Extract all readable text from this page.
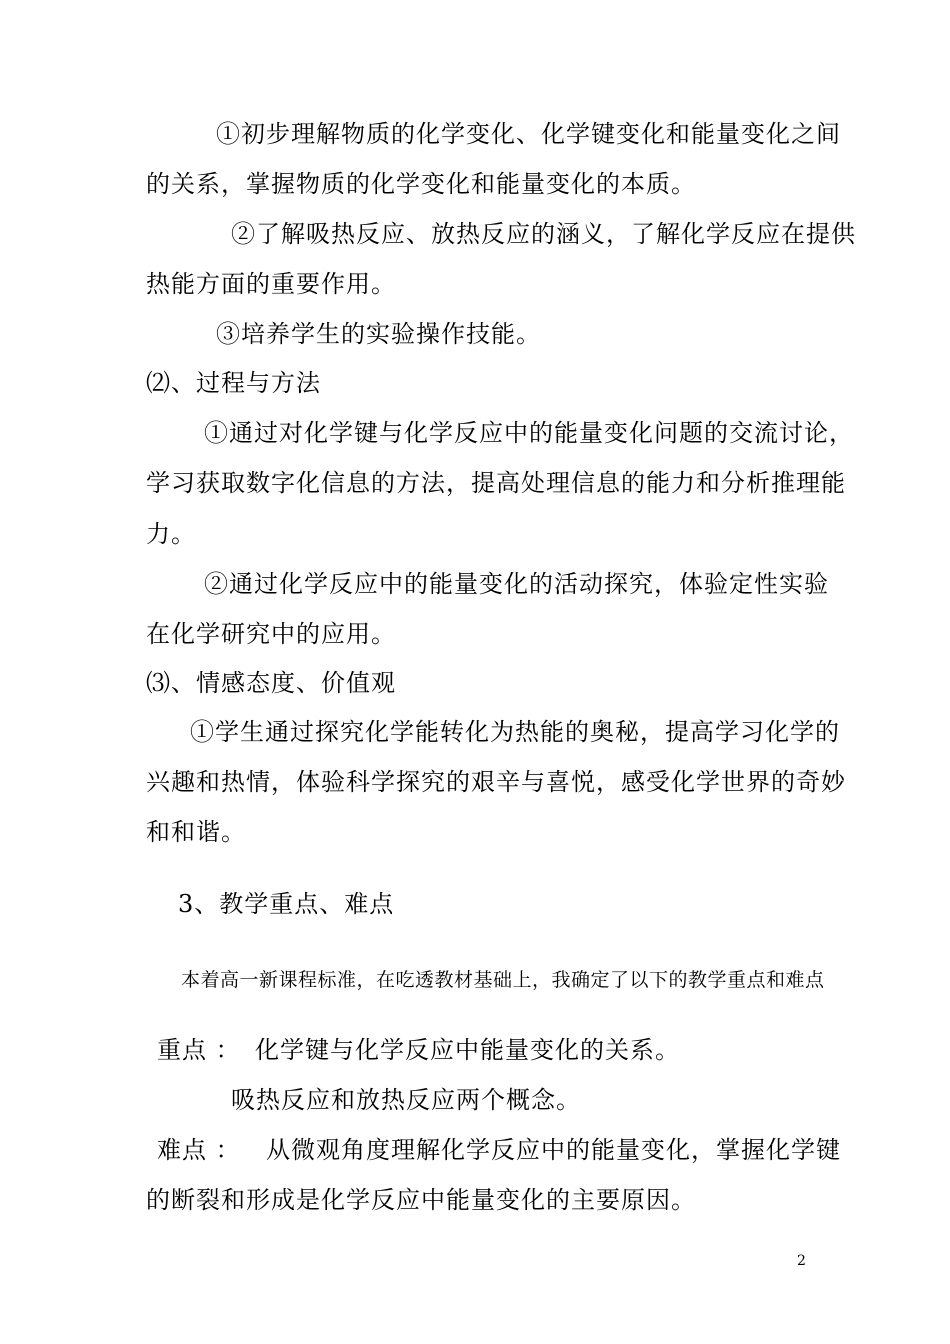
①初步理解物质的化学变化、化学键变化和能量变化之间
的关系，掌握物质的化学变化和能量变化的本质。
②了解吸热反应、放热反应的涵义，了解化学反应在提供
热能方面的重要作用。
③培养学生的实验操作技能。
⑵、过程与方法
①通过对化学键与化学反应中的能量变化问题的交流讨论，
学习获取数字化信息的方法，提高处理信息的能力和分析推理能
力。
②通过化学反应中的能量变化的活动探究，体验定性实验
在化学研究中的应用。
⑶、情感态度、价值观
①学生通过探究化学能转化为热能的奥秘，提高学习化学的
兴趣和热情，体验科学探究的艰辛与喜悦，感受化学世界的奇妙
和和谐。
3、教学重点、难点
本着高一新课程标准，在吃透教材基础上，我确定了以下的教学重点和难点
重点 ： 化学键与化学反应中能量变化的关系。
吸热反应和放热反应两个概念。
难点 ： 从微观角度理解化学反应中的能量变化，掌握化学键
的断裂和形成是化学反应中能量变化的主要原因。
2
